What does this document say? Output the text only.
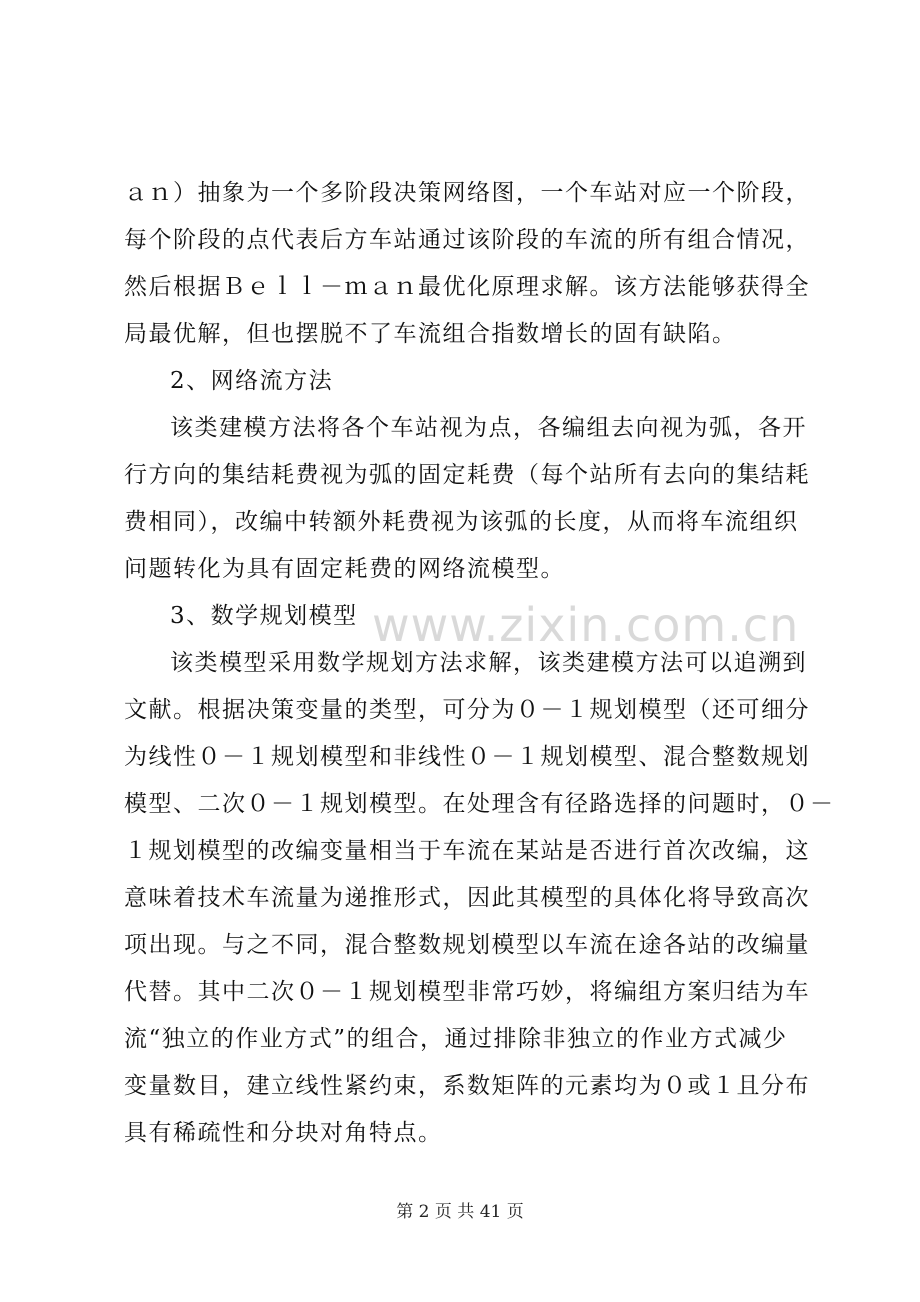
www.zixin.com.cn
ａｎ）抽象为一个多阶段决策网络图，一个车站对应一个阶段，
每个阶段的点代表后方车站通过该阶段的车流的所有组合情况，
然后根据Ｂｅｌｌ－ｍａｎ最优化原理求解。该方法能够获得全
局最优解，但也摆脱不了车流组合指数增长的固有缺陷。
2、网络流方法
该类建模方法将各个车站视为点，各编组去向视为弧，各开
行方向的集结耗费视为弧的固定耗费（每个站所有去向的集结耗
费相同），改编中转额外耗费视为该弧的长度，从而将车流组织
问题转化为具有固定耗费的网络流模型。
3、数学规划模型
该类模型采用数学规划方法求解，该类建模方法可以追溯到
文献。根据决策变量的类型，可分为０－１规划模型（还可细分
为线性０－１规划模型和非线性０－１规划模型、混合整数规划
模型、二次０－１规划模型。在处理含有径路选择的问题时，０－
１规划模型的改编变量相当于车流在某站是否进行首次改编，这
意味着技术车流量为递推形式，因此其模型的具体化将导致高次
项出现。与之不同，混合整数规划模型以车流在途各站的改编量
代替。其中二次０－１规划模型非常巧妙，将编组方案归结为车
流“独立的作业方式”的组合，通过排除非独立的作业方式减少
变量数目，建立线性紧约束，系数矩阵的元素均为０或１且分布
具有稀疏性和分块对角特点。
第 2 页 共 41 页
